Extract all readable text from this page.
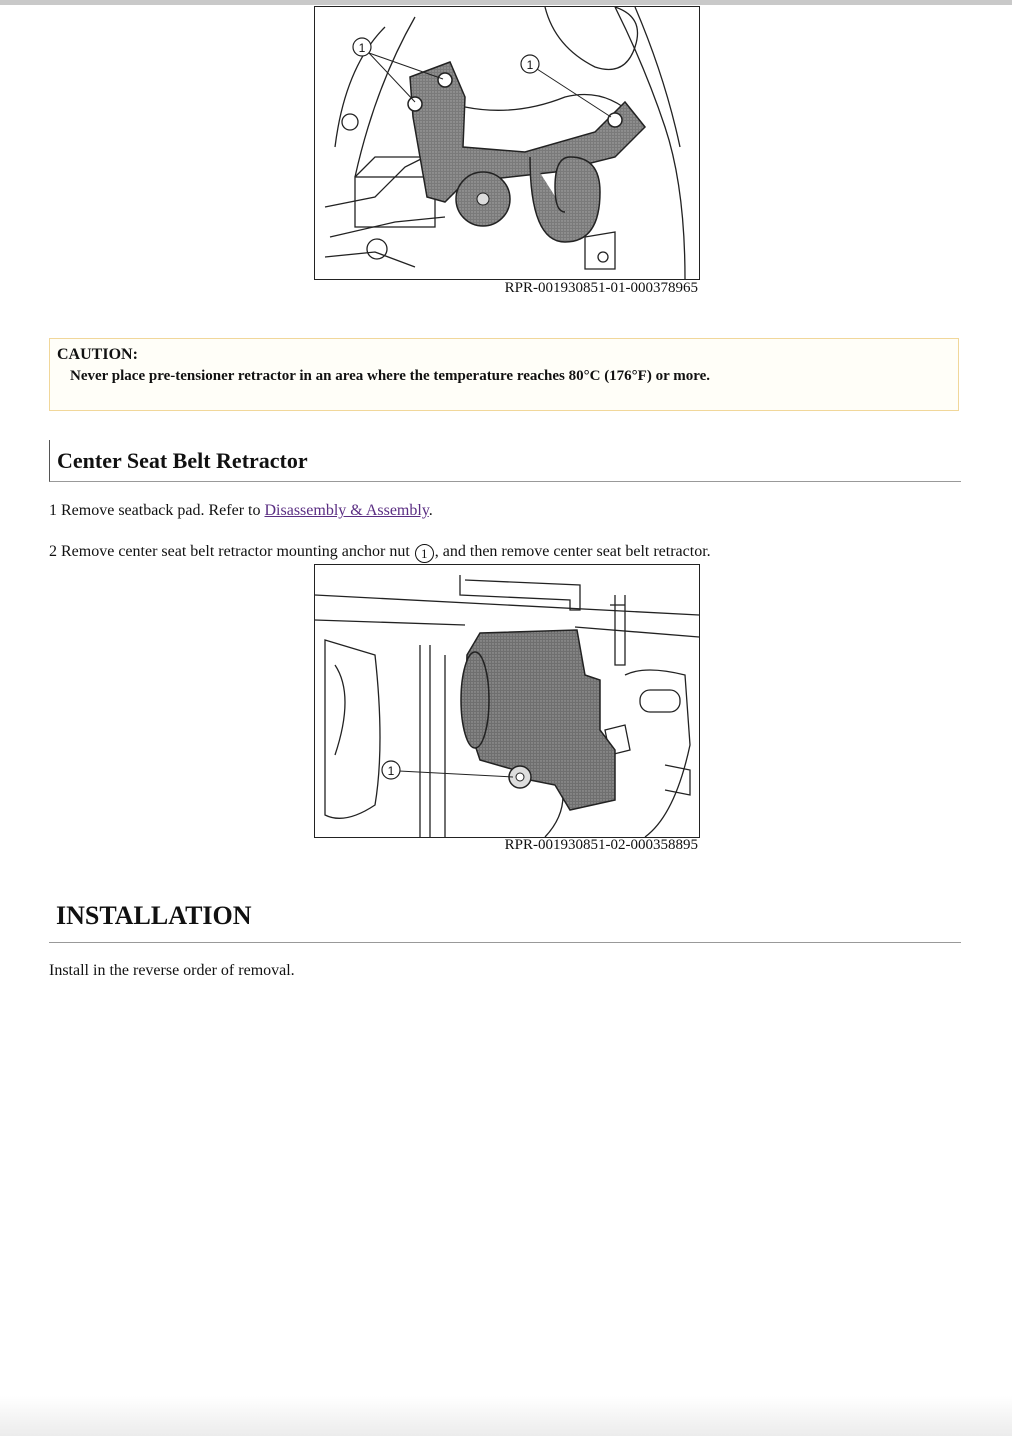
1
1
RPR-001930851-01-000378965
CAUTION:
Never place pre-tensioner retractor in an area where the temperature reaches 80°C (176°F) or more.
Center Seat Belt Retractor
1 Remove seatback pad. Refer to Disassembly & Assembly.
2 Remove center seat belt retractor mounting anchor nut 1 , and then remove center seat belt retractor.
1
RPR-001930851-02-000358895
INSTALLATION
Install in the reverse order of removal.
